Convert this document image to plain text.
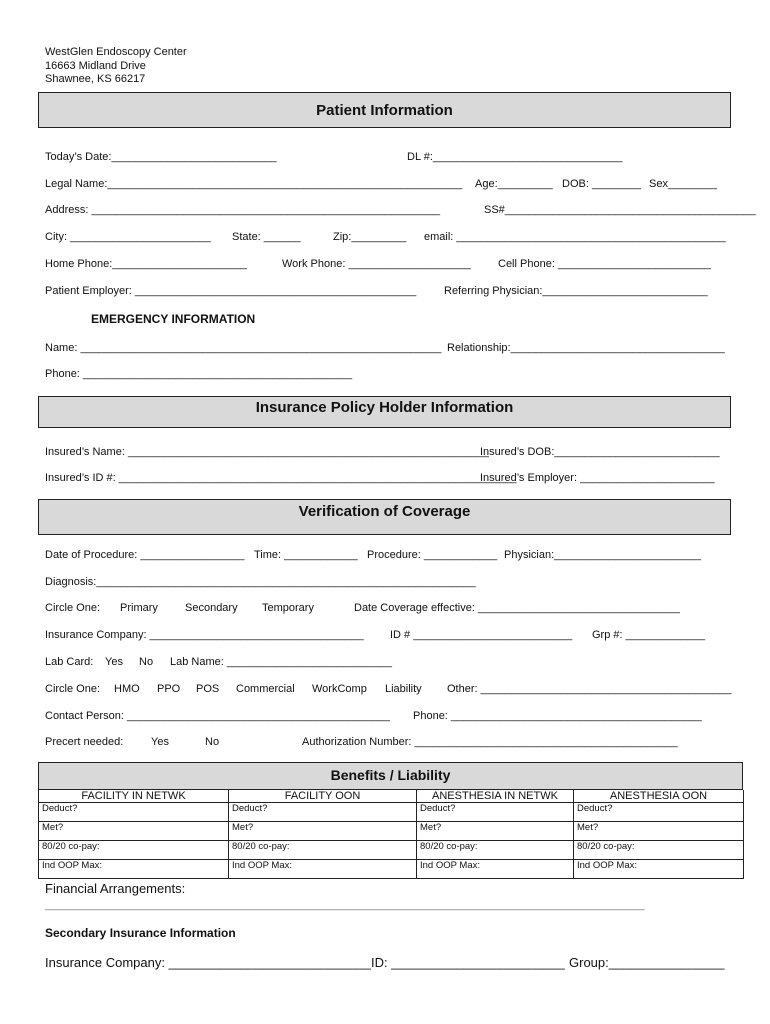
WestGlen Endoscopy Center
16663 Midland Drive
Shawnee, KS 66217
Patient Information
Today’s Date:___________________________	DL #:_______________________________
Legal Name:__________________________________________________________ Age:_________ DOB: ________ Sex________
Address: _________________________________________________________	SS#_________________________________________
City: _______________________ State: ______	Zip:_________ email: ____________________________________________
Home Phone:______________________	Work Phone: ____________________ Cell Phone: _________________________
Patient Employer: ______________________________________________	Referring Physician:___________________________
EMERGENCY INFORMATION
Name: ___________________________________________________________ Relationship:___________________________________
Phone: ____________________________________________
Insurance Policy Holder Information
Insured’s Name: ___________________________________________________________
Insured’s DOB:___________________________
Insured’s ID #: _________________________________________________________________
Insured’s Employer: ______________________
Verification of Coverage
Date of Procedure: _________________ Time: ____________ Procedure: ____________ Physician:________________________
Diagnosis:______________________________________________________________
Circle One: Primary Secondary Temporary	Date Coverage effective: _________________________________
Insurance Company: ___________________________________ ID # __________________________ Grp #: _____________
Lab Card: Yes No Lab Name: ___________________________
Circle One: HMO PPO POS Commercial WorkComp Liability Other: _________________________________________
Contact Person: ___________________________________________ Phone: _________________________________________
Precert needed:	Yes	No	Authorization Number: ___________________________________________
Benefits / Liability
FACILITY IN NETWK	FACILITY OON	ANESTHESIA IN NETWK	ANESTHESIA OON
Deduct?	Deduct?	Deduct?	Deduct?
Met?	Met?	Met?	Met?
80/20 co-pay:	80/20 co-pay:	80/20 co-pay:	80/20 co-pay:
Ind OOP Max:	Ind OOP Max:	Ind OOP Max:	Ind OOP Max:
Financial Arrangements:
__________________________________________________________________________________________________
Secondary Insurance Information
Insurance Company: ____________________________ ID: ________________________ Group:________________
